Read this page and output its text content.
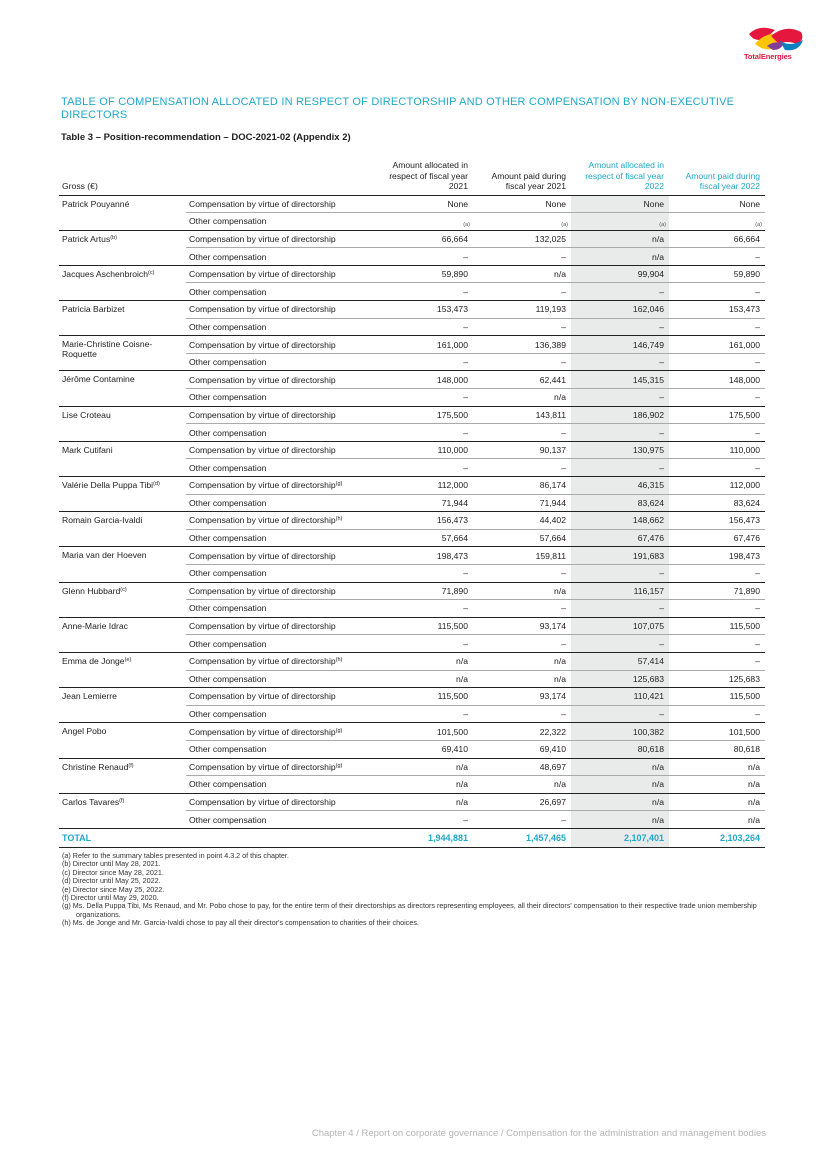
TotalEnergies
TABLE OF COMPENSATION ALLOCATED IN RESPECT OF DIRECTORSHIP AND OTHER COMPENSATION BY NON-EXECUTIVE DIRECTORS
Table 3 – Position-recommendation – DOC-2021-02 (Appendix 2)
Gross (€)		Amount allocated in respect of fiscal year 2021	Amount paid during fiscal year 2021	Amount allocated in respect of fiscal year 2022	Amount paid during fiscal year 2022
Patrick Pouyanné	Compensation by virtue of directorship	None	None	None	None
	Other compensation	(a)	(a)	(a)	(a)

Patrick Artus$^{(b)}$	Compensation by virtue of directorship	66,664	132,025	n/a	66,664
	Other compensation	–	–	n/a	–
Jacques Aschenbroich$^{(c)}$	Compensation by virtue of directorship	59,890	n/a	99,904	59,890
	Other compensation	–	–	–	–
Patricia Barbizet	Compensation by virtue of directorship	153,473	119,193	162,046	153,473
	Other compensation	–	–	–	–
Marie-Christine Coisne-Roquette	Compensation by virtue of directorship	161,000	136,389	146,749	161,000
	Other compensation	–	–	–	–
Jérôme Contamine	Compensation by virtue of directorship	148,000	62,441	145,315	148,000
	Other compensation	–	n/a	–	–
Lise Croteau	Compensation by virtue of directorship	175,500	143,811	186,902	175,500
	Other compensation	–	–	–	–
Mark Cutifani	Compensation by virtue of directorship	110,000	90,137	130,975	110,000
	Other compensation	–	–	–	–
Valérie Della Puppa Tibi$^{(d)}$	Compensation by virtue of directorship$^{(g)}$	112,000	86,174	46,315	112,000
	Other compensation	71,944	71,944	83,624	83,624
Romain Garcia-Ivaldi	Compensation by virtue of directorship$^{(h)}$	156,473	44,402	148,662	156,473
	Other compensation	57,664	57,664	67,476	67,476
Maria van der Hoeven	Compensation by virtue of directorship	198,473	159,811	191,683	198,473
	Other compensation	–	–	–	–
Glenn Hubbard$^{(c)}$	Compensation by virtue of directorship	71,890	n/a	116,157	71,890
	Other compensation	–	–	–	–
Anne-Marie Idrac	Compensation by virtue of directorship	115,500	93,174	107,075	115,500
	Other compensation	–	–	–	–
Emma de Jonge$^{(e)}$	Compensation by virtue of directorship$^{(h)}$	n/a	n/a	57,414	–
	Other compensation	n/a	n/a	125,683	125,683
Jean Lemierre	Compensation by virtue of directorship	115,500	93,174	110,421	115,500
	Other compensation	–	–	–	–
Angel Pobo	Compensation by virtue of directorship$^{(g)}$	101,500	22,322	100,382	101,500
	Other compensation	69,410	69,410	80,618	80,618
Christine Renaud$^{(f)}$	Compensation by virtue of directorship$^{(g)}$	n/a	48,697	n/a	n/a
	Other compensation	n/a	n/a	n/a	n/a
Carlos Tavares$^{(f)}$	Compensation by virtue of directorship	n/a	26,697	n/a	n/a
	Other compensation	–	–	n/a	n/a
TOTAL		1,944,881	1,457,465	2,107,401	2,103,264
(a) Refer to the summary tables presented in point 4.3.2 of this chapter.
(b) Director until May 28, 2021.
(c) Director since May 28, 2021.
(d) Director until May 25, 2022.
(e) Director since May 25, 2022.
(f) Director until May 29, 2020.
(g) Ms. Della Puppa Tibi, Ms Renaud, and Mr. Pobo chose to pay, for the entire term of their directorships as directors representing employees, all their directors' compensation to their respective trade union membership organizations.
(h) Ms. de Jonge and Mr. Garcia-Ivaldi chose to pay all their director's compensation to charities of their choices.
Chapter 4 / Report on corporate governance / Compensation for the administration and management bodies
